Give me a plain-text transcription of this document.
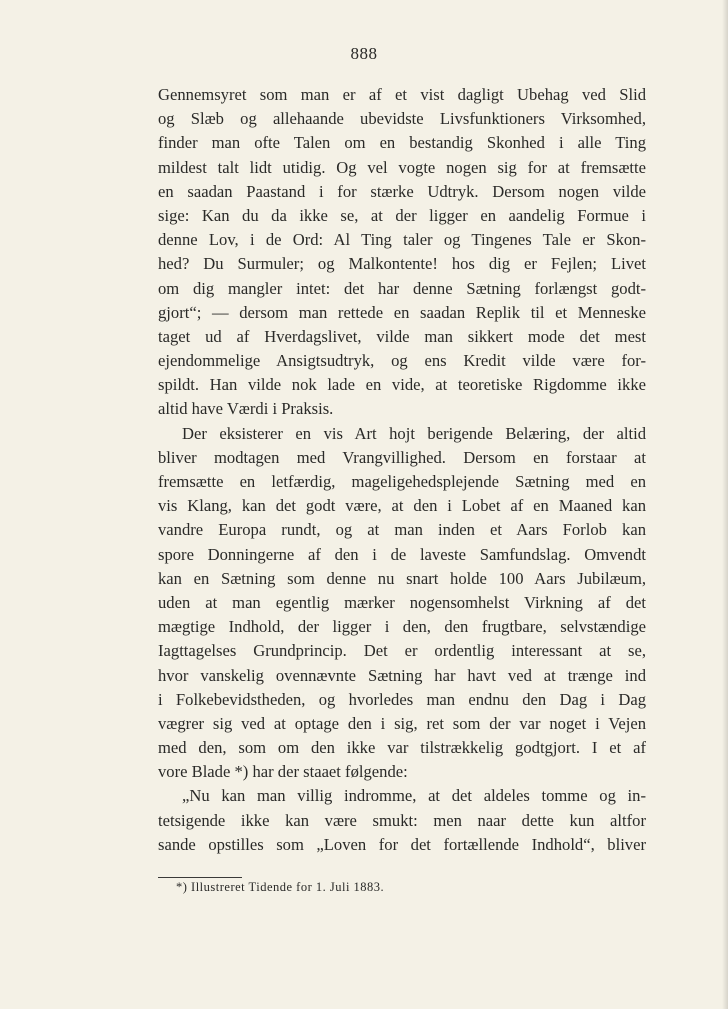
888
Gennemsyret som man er af et vist dagligt Ubehag ved Slid
og Slæb og allehaande ubevidste Livsfunktioners Virksomhed,
finder man ofte Talen om en bestandig Skonhed i alle Ting
mildest talt lidt utidig. Og vel vogte nogen sig for at fremsætte
en saadan Paastand i for stærke Udtryk. Dersom nogen vilde
sige: Kan du da ikke se, at der ligger en aandelig Formue i
denne Lov, i de Ord: Al Ting taler og Tingenes Tale er Skon-
hed? Du Surmuler; og Malkontente! hos dig er Fejlen; Livet
om dig mangler intet: det har denne Sætning forlængst godt-
gjort“; — dersom man rettede en saadan Replik til et Menneske
taget ud af Hverdagslivet, vilde man sikkert mode det mest
ejendommelige Ansigtsudtryk, og ens Kredit vilde være for-
spildt. Han vilde nok lade en vide, at teoretiske Rigdomme ikke
altid have Værdi i Praksis.
Der eksisterer en vis Art hojt berigende Belæring, der altid
bliver modtagen med Vrangvillighed. Dersom en forstaar at
fremsætte en letfærdig, mageligehedsplejende Sætning med en
vis Klang, kan det godt være, at den i Lobet af en Maaned kan
vandre Europa rundt, og at man inden et Aars Forlob kan
spore Donningerne af den i de laveste Samfundslag. Omvendt
kan en Sætning som denne nu snart holde 100 Aars Jubilæum,
uden at man egentlig mærker nogensomhelst Virkning af det
mægtige Indhold, der ligger i den, den frugtbare, selvstændige
Iagttagelses Grundprincip. Det er ordentlig interessant at se,
hvor vanskelig ovennævnte Sætning har havt ved at trænge ind
i Folkebevidstheden, og hvorledes man endnu den Dag i Dag
vægrer sig ved at optage den i sig, ret som der var noget i Vejen
med den, som om den ikke var tilstrækkelig godtgjort. I et af
vore Blade *) har der staaet følgende:
„Nu kan man villig indromme, at det aldeles tomme og in-
tetsigende ikke kan være smukt: men naar dette kun altfor
sande opstilles som „Loven for det fortællende Indhold“, bliver
*) Illustreret Tidende for 1. Juli 1883.
